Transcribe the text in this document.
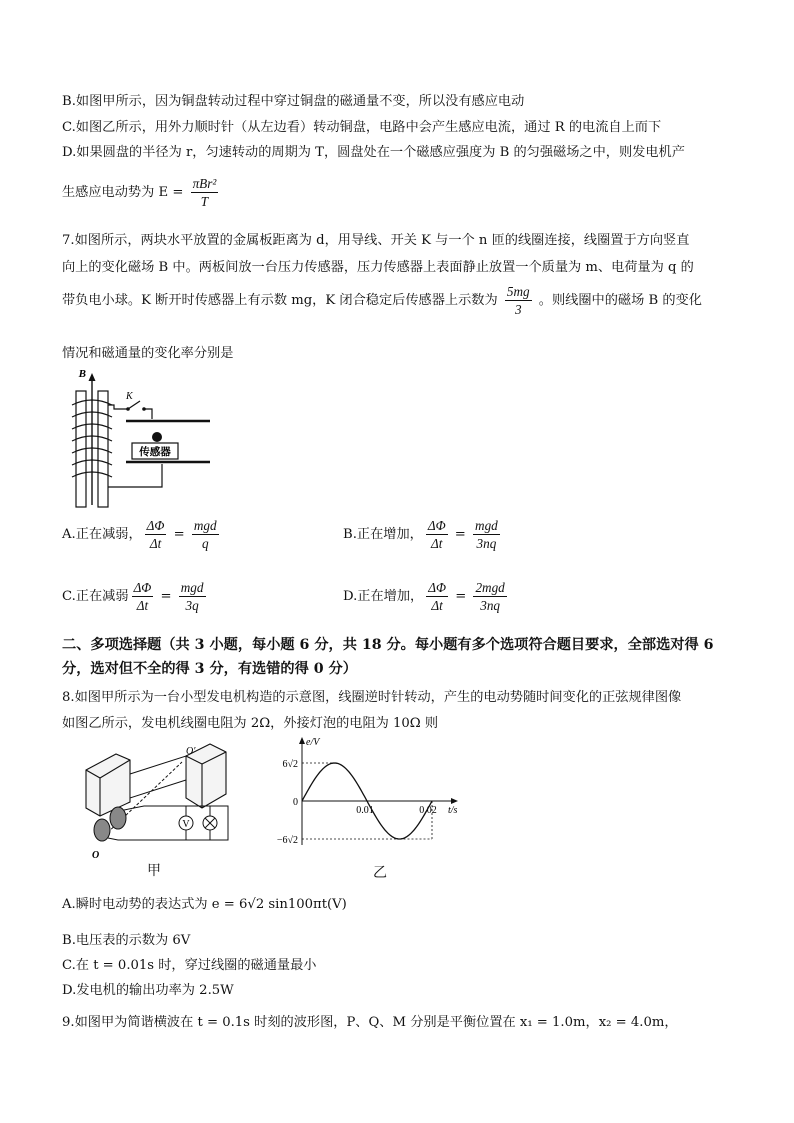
B.如图甲所示，因为铜盘转动过程中穿过铜盘的磁通量不变，所以没有感应电动
C.如图乙所示，用外力顺时针（从左边看）转动铜盘，电路中会产生感应电流，通过 R 的电流自上而下
D.如果圆盘的半径为 r，匀速转动的周期为 T，圆盘处在一个磁感应强度为 B 的匀强磁场之中，则发电机产
生感应电动势为 $E = \frac{\text{πBr²}}{T}$
7.如图所示，两块水平放置的金属板距离为 d，用导线、开关 K 与一个 n 匝的线圈连接，线圈置于方向竖直
向上的变化磁场 B 中。两板间放一台压力传感器，压力传感器上表面静止放置一个质量为 m、电荷量为 q 的
带负电小球。K 断开时传感器上有示数 mg，K 闭合稳定后传感器上示数为 $\frac{5mg}{3}$ 。则线圈中的磁场 B 的变化
情况和磁通量的变化率分别是
B
K
传感器
A.正在减弱， $\frac{\Delta\Phi}{\Delta t} = \frac{\text{mgd}}{q}$	B.正在增加， $\frac{\Delta\Phi}{\Delta t} = \frac{\text{mgd}}{3nq}$
C.正在减弱 $\frac{\Delta\Phi}{\Delta t} = \frac{\text{mgd}}{3q}$	D.正在增加， $\frac{\Delta\Phi}{\Delta t} = \frac{\text{2mgd}}{3nq}$
二、多项选择题（共 3 小题，每小题 6 分，共 18 分。每小题有多个选项符合题目要求，全部选对得 6 分，选对但不全的得 3 分，有选错的得 0 分）
8.如图甲所示为一台小型发电机构造的示意图，线圈逆时针转动，产生的电动势随时间变化的正弦规律图像
如图乙所示，发电机线圈电阻为 2Ω，外接灯泡的电阻为 10Ω 则
O′
O
V
甲
e/V
t/s
6√2
0
−6√2
0.01	0.02
乙
A.瞬时电动势的表达式为 e = 6√2 sin100πt(V)
B.电压表的示数为 6V
C.在 t = 0.01s 时，穿过线圈的磁通量最小
D.发电机的输出功率为 2.5W
9.如图甲为简谐横波在 t = 0.1s 时刻的波形图，P、Q、M 分别是平衡位置在 x₁ = 1.0m，x₂ = 4.0m，
